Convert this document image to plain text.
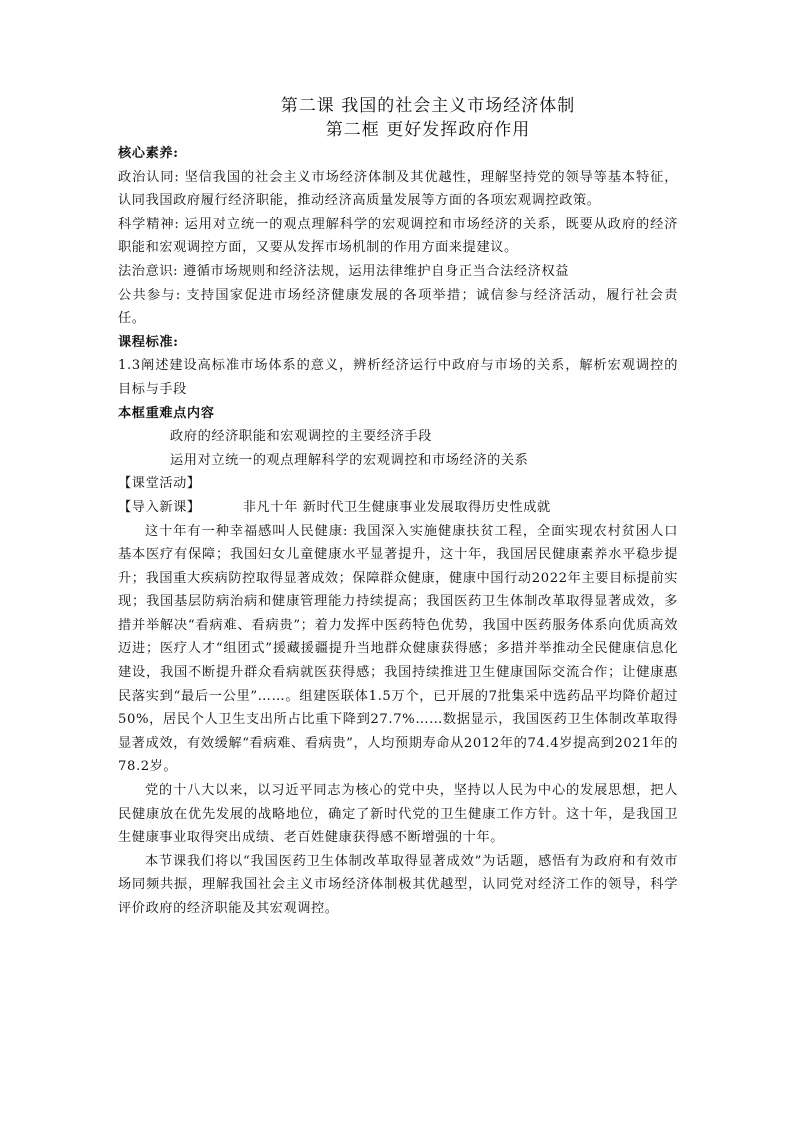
第二课 我国的社会主义市场经济体制
第二框 更好发挥政府作用

核心素养:

政治认同: 坚信我国的社会主义市场经济体制及其优越性，理解坚持党的领导等基本特征，认同我国政府履行经济职能，推动经济高质量发展等方面的各项宏观调控政策。

科学精神: 运用对立统一的观点理解科学的宏观调控和市场经济的关系，既要从政府的经济职能和宏观调控方面，又要从发挥市场机制的作用方面来提建议。

法治意识: 遵循市场规则和经济法规，运用法律维护自身正当合法经济权益

公共参与: 支持国家促进市场经济健康发展的各项举措；诚信参与经济活动，履行社会责任。

课程标准:

1.3阐述建设高标准市场体系的意义，辨析经济运行中政府与市场的关系，解析宏观调控的目标与手段

本框重难点内容

政府的经济职能和宏观调控的主要经济手段

运用对立统一的观点理解科学的宏观调控和市场经济的关系

【课堂活动】

【导入新课】	非凡十年 新时代卫生健康事业发展取得历史性成就

这十年有一种幸福感叫人民健康: 我国深入实施健康扶贫工程，全面实现农村贫困人口基本医疗有保障；我国妇女儿童健康水平显著提升，这十年，我国居民健康素养水平稳步提升；我国重大疾病防控取得显著成效；保障群众健康，健康中国行动2022年主要目标提前实现；我国基层防病治病和健康管理能力持续提高；我国医药卫生体制改革取得显著成效，多措并举解决“看病难、看病贵”；着力发挥中医药特色优势，我国中医药服务体系向优质高效迈进；医疗人才“组团式”援藏援疆提升当地群众健康获得感；多措并举推动全民健康信息化建设，我国不断提升群众看病就医获得感；我国持续推进卫生健康国际交流合作；让健康惠民落实到“最后一公里”……。组建医联体1.5万个，已开展的7批集采中选药品平均降价超过50%，居民个人卫生支出所占比重下降到27.7%……数据显示，我国医药卫生体制改革取得显著成效，有效缓解“看病难、看病贵”，人均预期寿命从2012年的74.4岁提高到2021年的78.2岁。

党的十八大以来，以习近平同志为核心的党中央，坚持以人民为中心的发展思想，把人民健康放在优先发展的战略地位，确定了新时代党的卫生健康工作方针。这十年，是我国卫生健康事业取得突出成绩、老百姓健康获得感不断增强的十年。

本节课我们将以“我国医药卫生体制改革取得显著成效”为话题，感悟有为政府和有效市场同频共振，理解我国社会主义市场经济体制极其优越型，认同党对经济工作的领导，科学评价政府的经济职能及其宏观调控。
